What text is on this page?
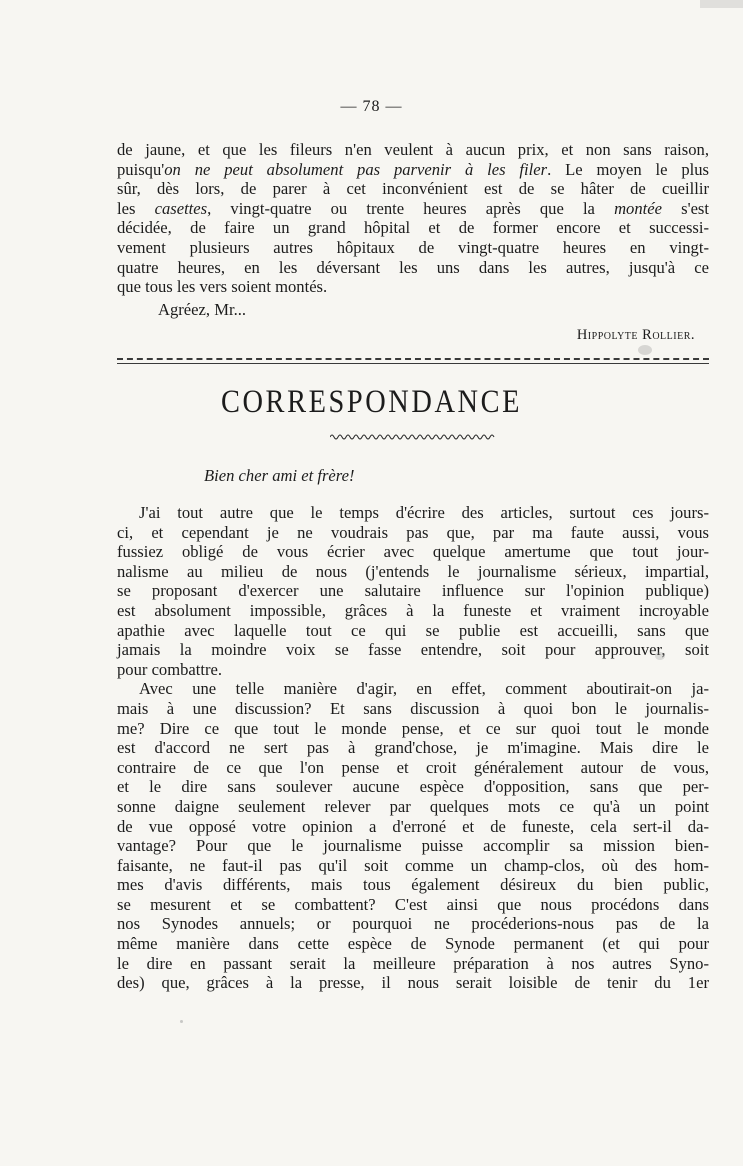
— 78 —
de jaune, et que les fileurs n'en veulent à aucun prix, et non sans raison,
puisqu'on ne peut absolument pas parvenir à les filer. Le moyen le plus
sûr, dès lors, de parer à cet inconvénient est de se hâter de cueillir
les casettes, vingt-quatre ou trente heures après que la montée s'est
décidée, de faire un grand hôpital et de former encore et successi-
vement plusieurs autres hôpitaux de vingt-quatre heures en vingt-
quatre heures, en les déversant les uns dans les autres, jusqu'à ce
que tous les vers soient montés.
Agréez, Mr...
Hippolyte Rollier.
CORRESPONDANCE
Bien cher ami et frère!
J'ai tout autre que le temps d'écrire des articles, surtout ces jours-
ci, et cependant je ne voudrais pas que, par ma faute aussi, vous
fussiez obligé de vous écrier avec quelque amertume que tout jour-
nalisme au milieu de nous (j'entends le journalisme sérieux, impartial,
se proposant d'exercer une salutaire influence sur l'opinion publique)
est absolument impossible, grâces à la funeste et vraiment incroyable
apathie avec laquelle tout ce qui se publie est accueilli, sans que
jamais la moindre voix se fasse entendre, soit pour approuver, soit
pour combattre.
Avec une telle manière d'agir, en effet, comment aboutirait-on ja-
mais à une discussion? Et sans discussion à quoi bon le journalis-
me? Dire ce que tout le monde pense, et ce sur quoi tout le monde
est d'accord ne sert pas à grand'chose, je m'imagine. Mais dire le
contraire de ce que l'on pense et croit généralement autour de vous,
et le dire sans soulever aucune espèce d'opposition, sans que per-
sonne daigne seulement relever par quelques mots ce qu'à un point
de vue opposé votre opinion a d'erroné et de funeste, cela sert-il da-
vantage? Pour que le journalisme puisse accomplir sa mission bien-
faisante, ne faut-il pas qu'il soit comme un champ-clos, où des hom-
mes d'avis différents, mais tous également désireux du bien public,
se mesurent et se combattent? C'est ainsi que nous procédons dans
nos Synodes annuels; or pourquoi ne procéderions-nous pas de la
même manière dans cette espèce de Synode permanent (et qui pour
le dire en passant serait la meilleure préparation à nos autres Syno-
des) que, grâces à la presse, il nous serait loisible de tenir du 1er
